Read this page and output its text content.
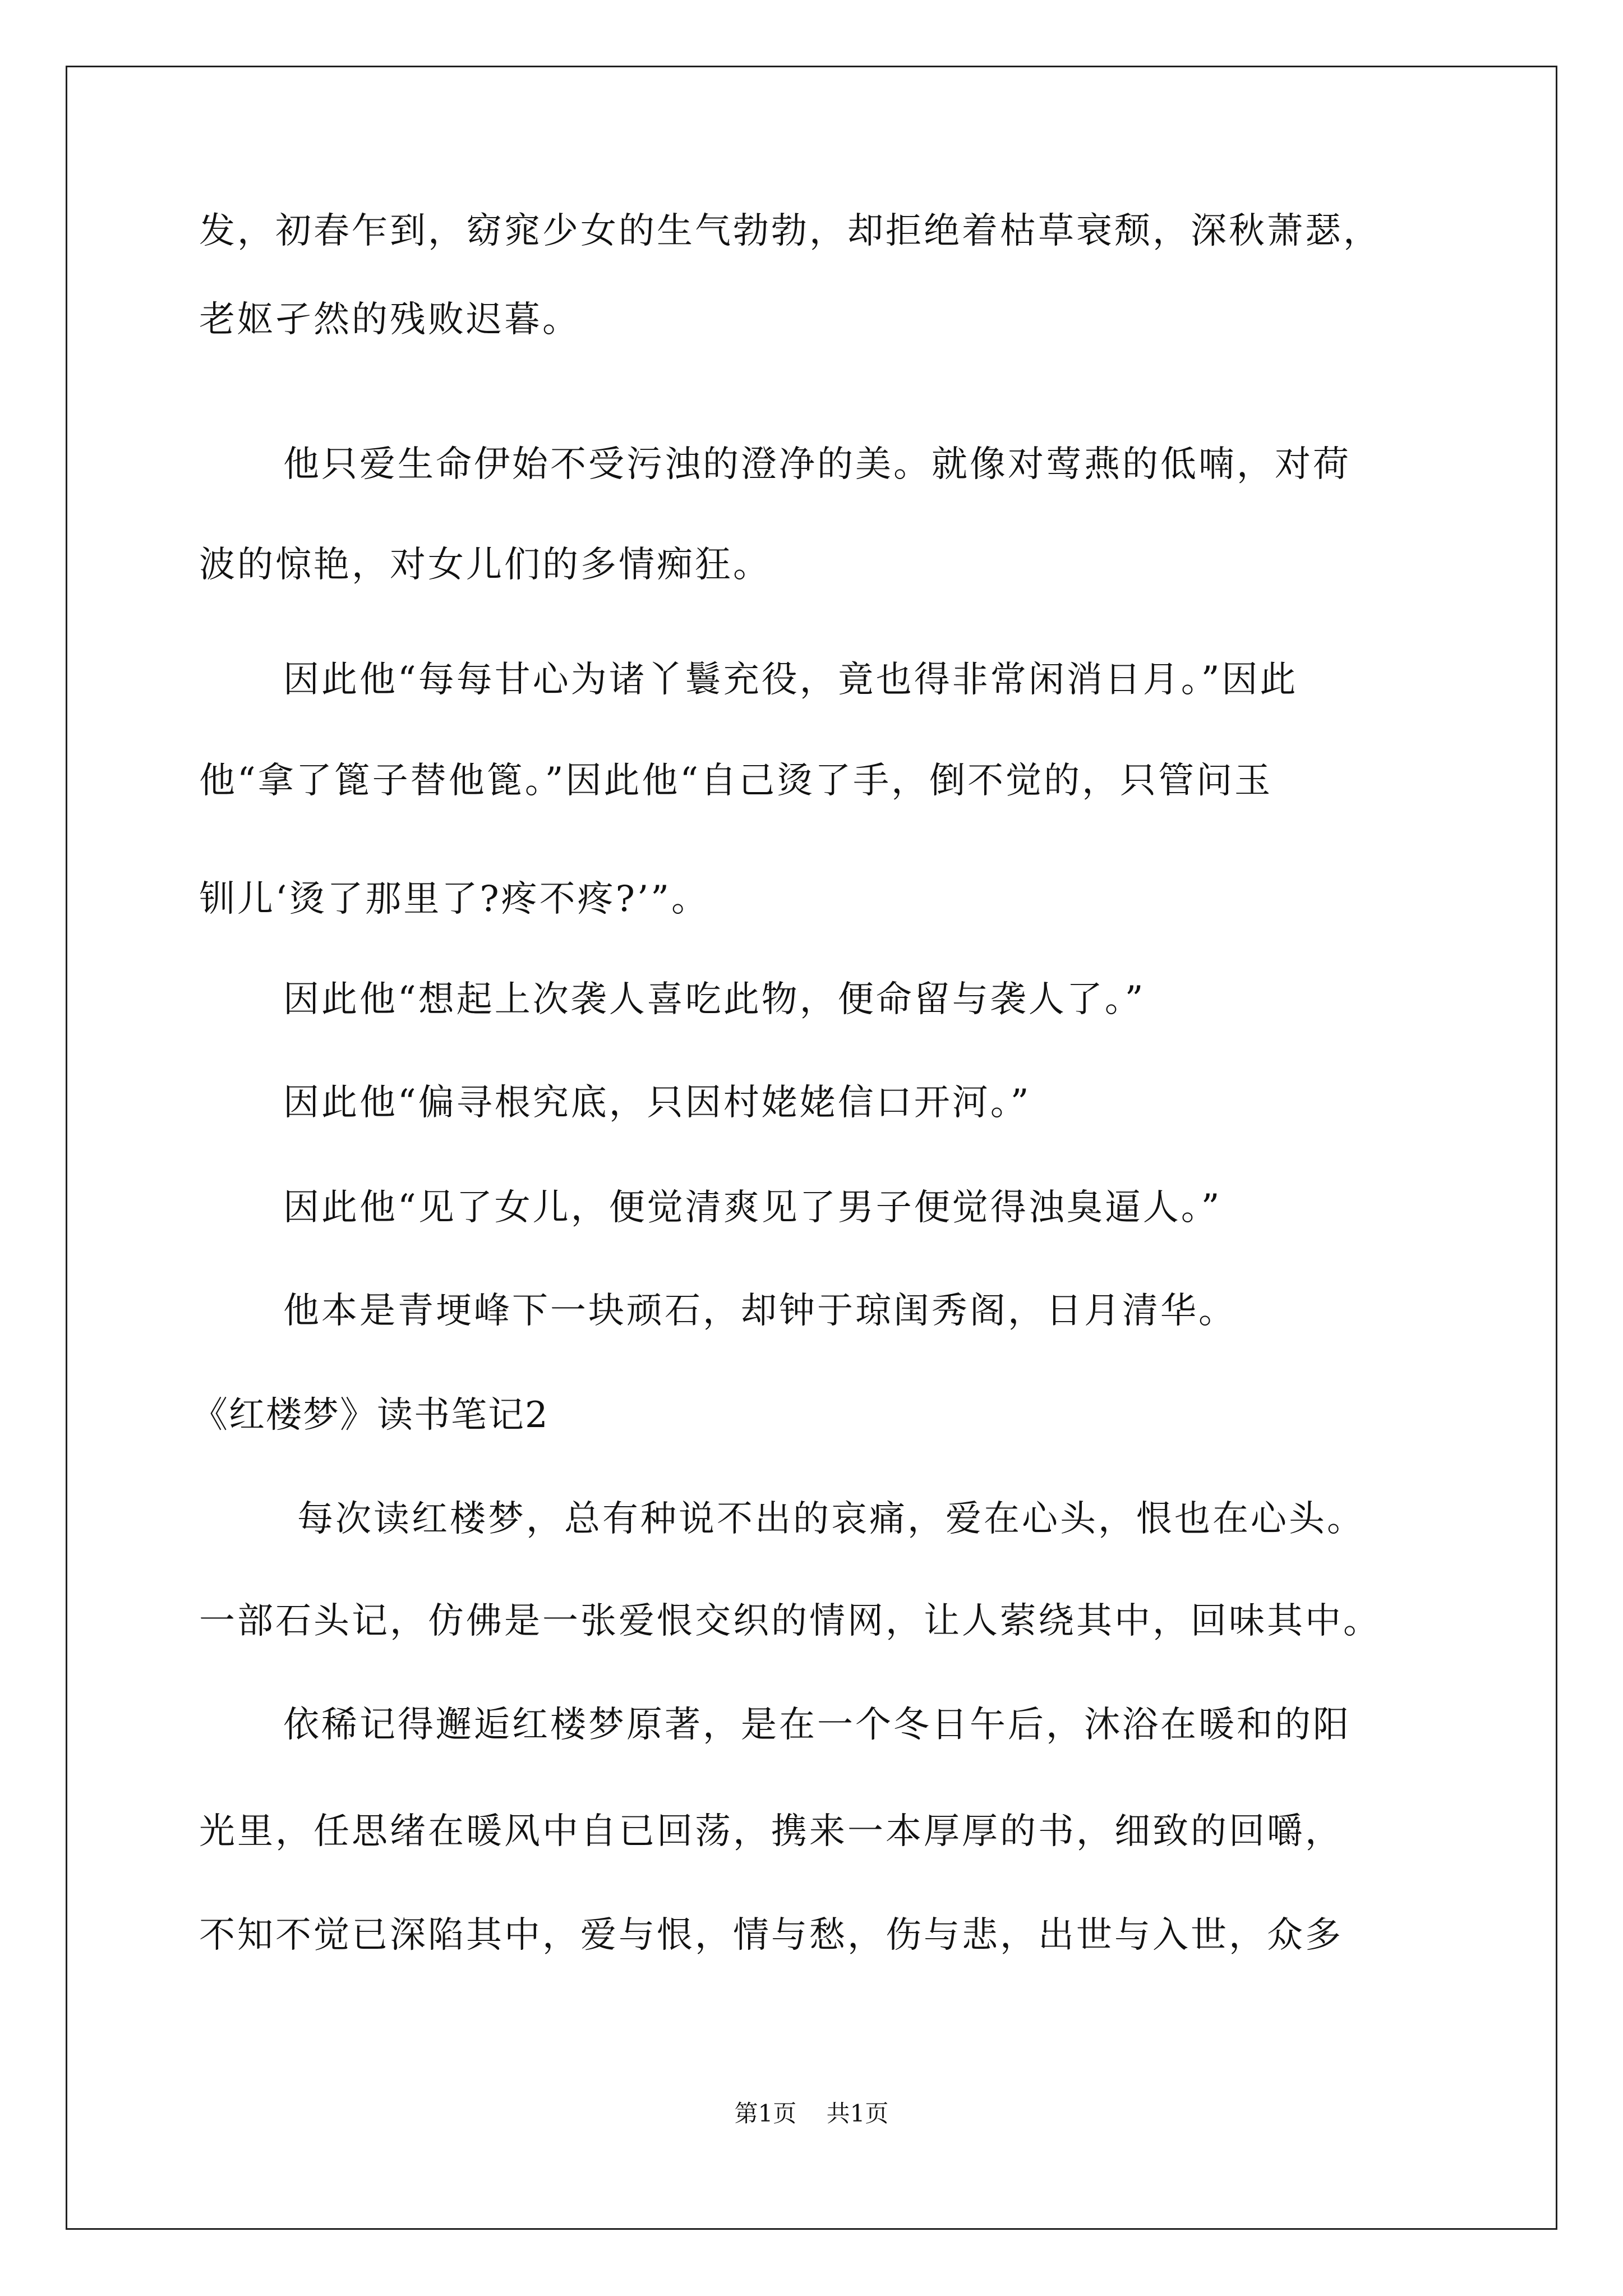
发，初春乍到，窈窕少女的生气勃勃，却拒绝着枯草衰颓，深秋萧瑟，
老妪孑然的残败迟暮。
他只爱生命伊始不受污浊的澄净的美。就像对莺燕的低喃，对荷
波的惊艳，对女儿们的多情痴狂。
因此他“每每甘心为诸丫鬟充役，竟也得非常闲消日月。”因此
他“拿了篦子替他篦。”因此他“自己烫了手，倒不觉的，只管问玉
钏儿‘烫了那里了?疼不疼?’”。
因此他“想起上次袭人喜吃此物，便命留与袭人了。”
因此他“偏寻根究底，只因村姥姥信口开河。”
因此他“见了女儿，便觉清爽见了男子便觉得浊臭逼人。”
他本是青埂峰下一块顽石，却钟于琼闺秀阁，日月清华。
《红楼梦》读书笔记2
每次读红楼梦，总有种说不出的哀痛，爱在心头，恨也在心头。
一部石头记，仿佛是一张爱恨交织的情网，让人萦绕其中，回味其中。
依稀记得邂逅红楼梦原著，是在一个冬日午后，沐浴在暖和的阳
光里，任思绪在暖风中自已回荡，携来一本厚厚的书，细致的回嚼，
不知不觉已深陷其中，爱与恨，情与愁，伤与悲，出世与入世，众多
第1页    共1页
